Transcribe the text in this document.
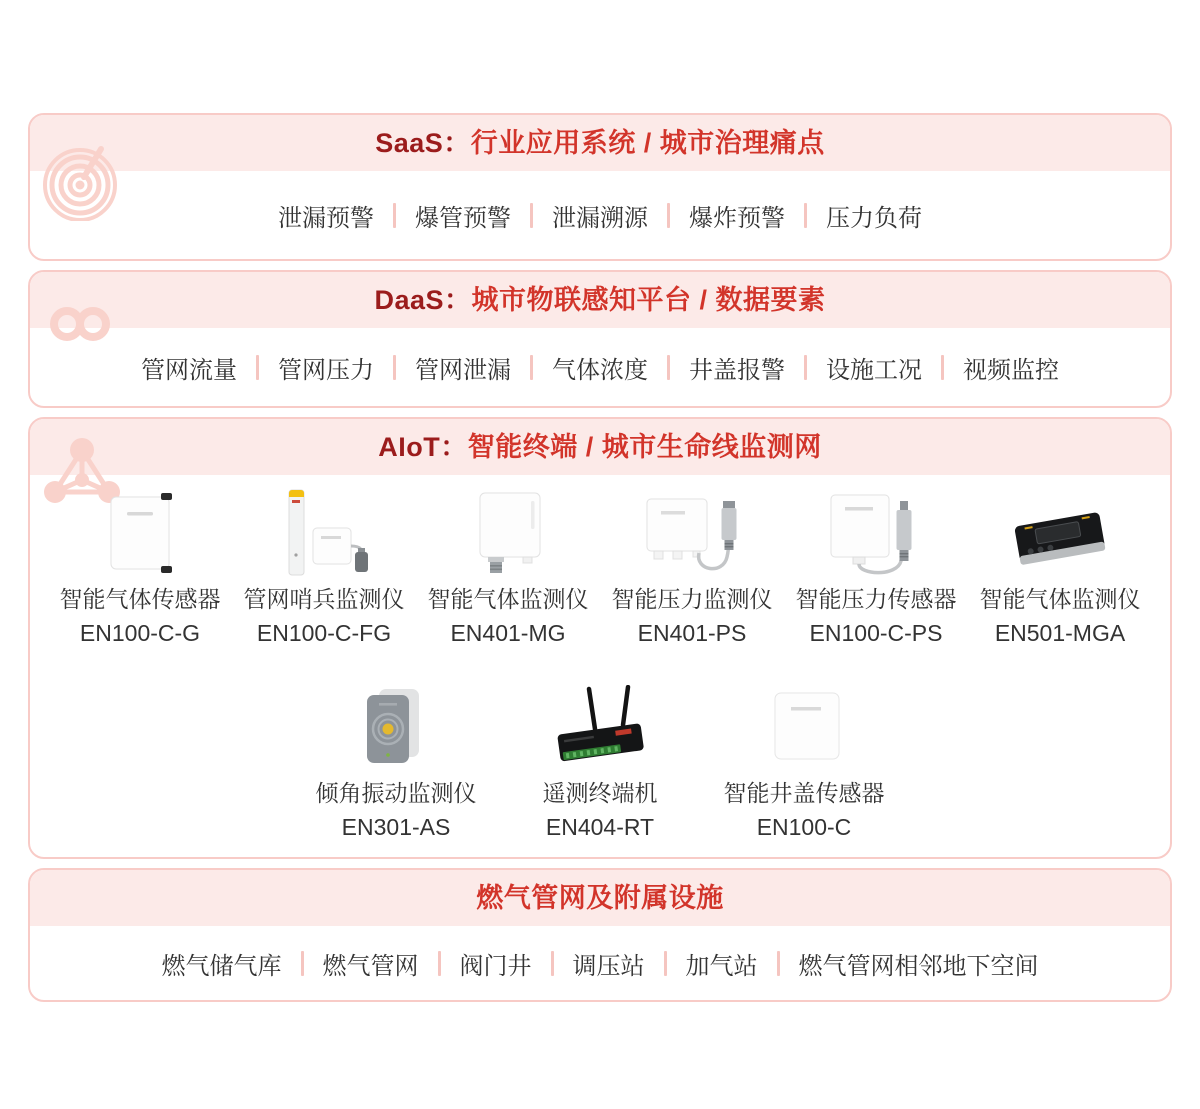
SaaS：行业应用系统 / 城市治理痛点
泄漏预警 爆管预警 泄漏溯源 爆炸预警 压力负荷
DaaS：城市物联感知平台 / 数据要素
管网流量 管网压力 管网泄漏 气体浓度 井盖报警 设施工况 视频监控
AIoT：智能终端 / 城市生命线监测网
智能气体传感器
EN100-C-G
管网哨兵监测仪
EN100-C-FG
智能气体监测仪
EN401-MG
智能压力监测仪
EN401-PS
智能压力传感器
EN100-C-PS
智能气体监测仪
EN501-MGA
倾角振动监测仪
EN301-AS
遥测终端机
EN404-RT
智能井盖传感器
EN100-C
燃气管网及附属设施
燃气储气库 燃气管网 阀门井 调压站 加气站 燃气管网相邻地下空间
